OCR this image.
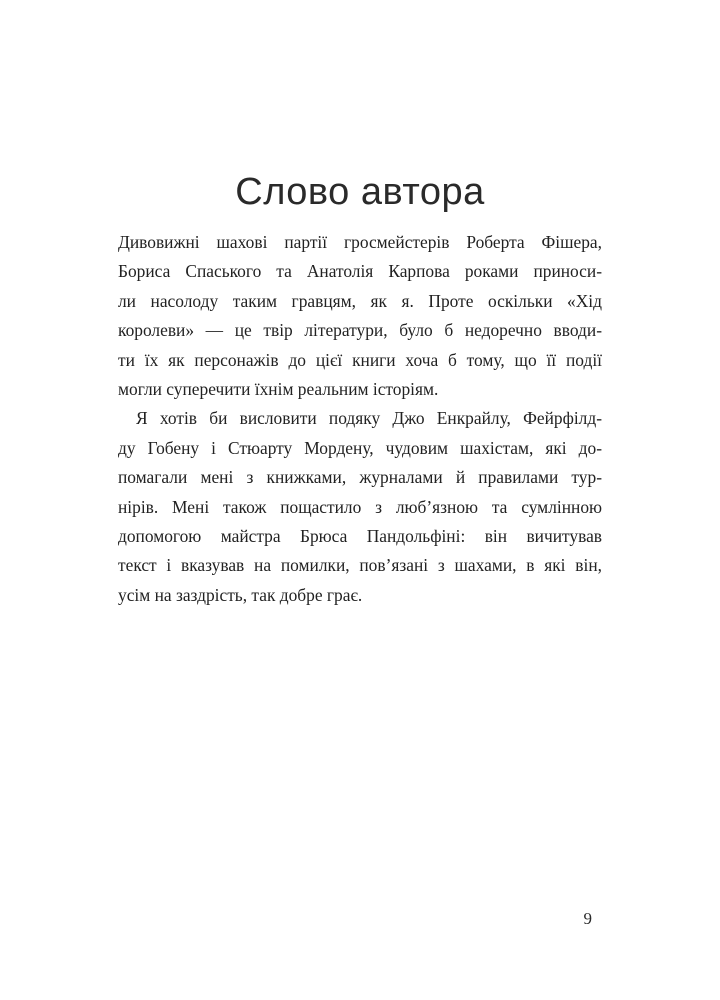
Слово автора
Дивовижні шахові партії гросмейстерів Роберта Фішера,
Бориса Спаського та Анатолія Карпова роками приноси-
ли насолоду таким гравцям, як я. Проте оскільки «Хід
королеви» — це твір літератури, було б недоречно вводи-
ти їх як персонажів до цієї книги хоча б тому, що її події
могли суперечити їхнім реальним історіям.
Я хотів би висловити подяку Джо Енкрайлу, Фейрфілд-
ду Гобену і Стюарту Мордену, чудовим шахістам, які до-
помагали мені з книжками, журналами й правилами тур-
нірів. Мені також пощастило з люб’язною та сумлінною
допомогою майстра Брюса Пандольфіні: він вичитував
текст і вказував на помилки, пов’язані з шахами, в які він,
усім на заздрість, так добре грає.

9
